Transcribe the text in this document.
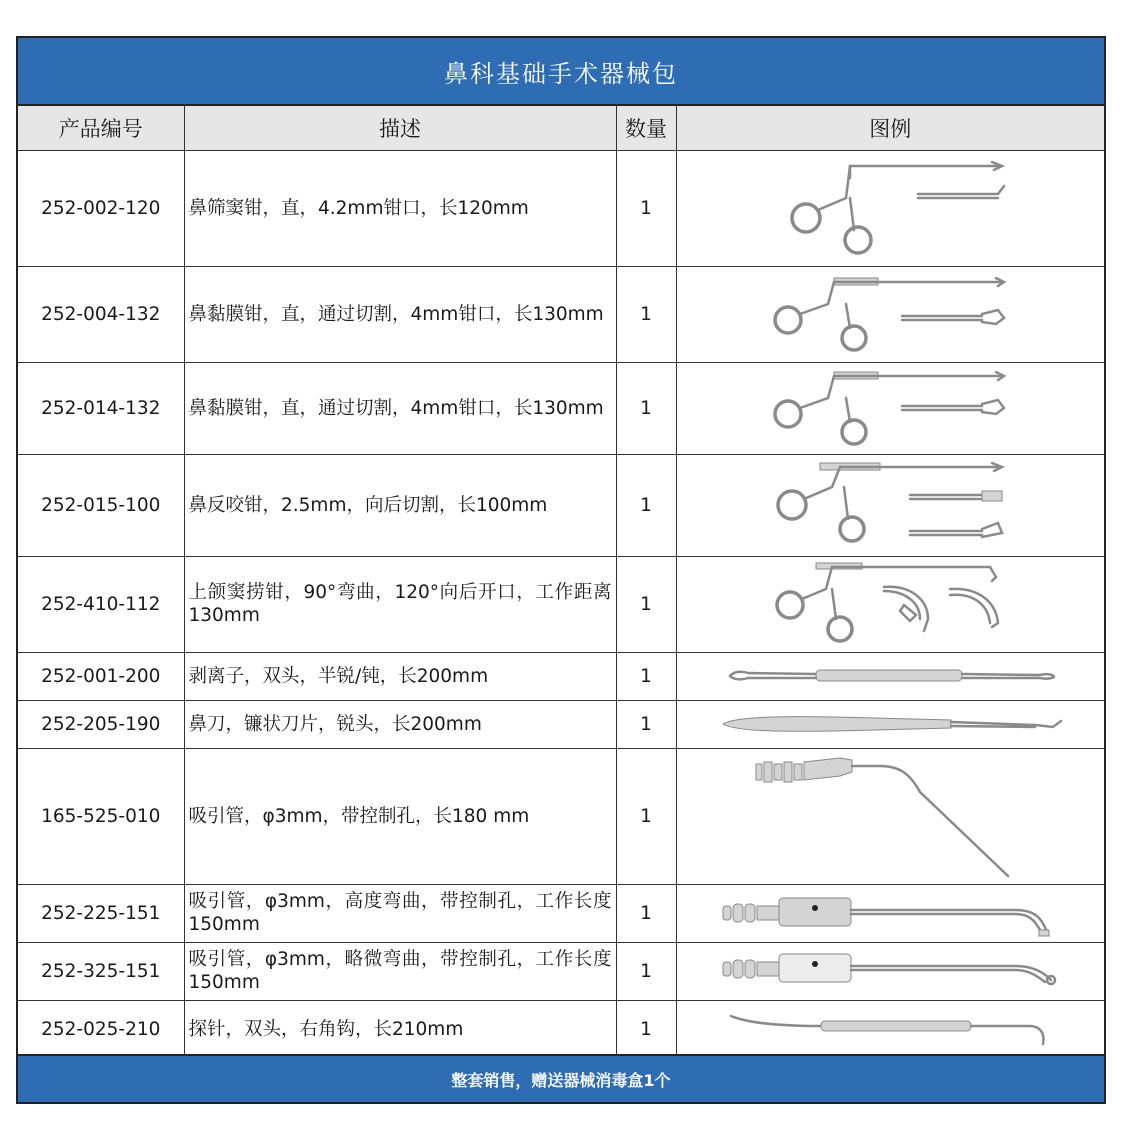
鼻科基础手术器械包
产品编号	描述	数量	图例
252-002-120	鼻筛窦钳，直，4.2mm钳口，长120mm	1	

252-004-132	鼻黏膜钳，直，通过切割，4mm钳口，长130mm	1	

252-014-132	鼻黏膜钳，直，通过切割，4mm钳口，长130mm	1	

252-015-100	鼻反咬钳，2.5mm，向后切割，长100mm	1	

252-410-112	上颌窦捞钳，90°弯曲，120°向后开口，工作距离130mm	1	

252-001-200	剥离子，双头，半锐/钝，长200mm	1	

252-205-190	鼻刀，镰状刀片，锐头，长200mm	1	

165-525-010	吸引管，φ3mm，带控制孔，长180 mm	1	

252-225-151	吸引管，φ3mm，高度弯曲，带控制孔，工作长度150mm	1	

252-325-151	吸引管，φ3mm，略微弯曲，带控制孔，工作长度150mm	1	

252-025-210	探针，双头，右角钩，长210mm	1	
整套销售，赠送器械消毒盒1个
